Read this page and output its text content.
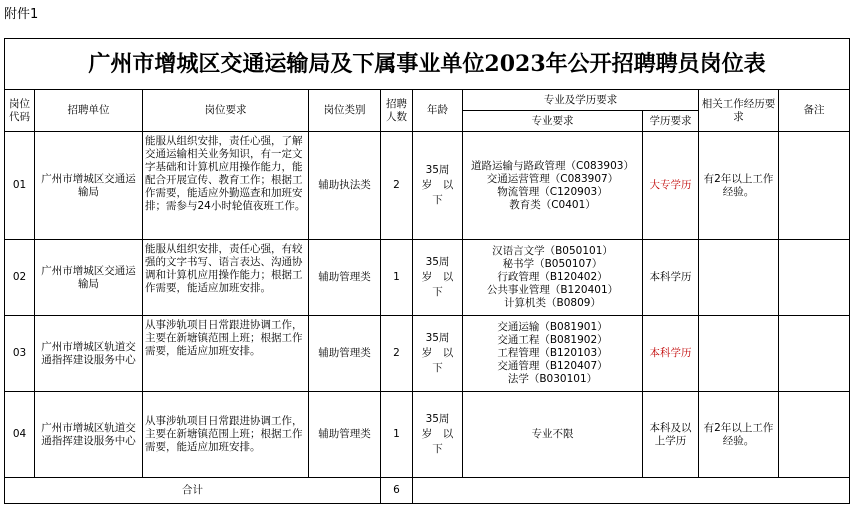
附件1
广州市增城区交通运输局及下属事业单位2023年公开招聘聘员岗位表									
岗位代码	招聘单位	岗位要求	岗位类别	招聘人数	年龄	专业及学历要求		相关工作经历要求	备注
						专业要求	学历要求		
01	广州市增城区交通运输局	能服从组织安排，责任心强，了解交通运输相关业务知识，有一定文字基础和计算机应用操作能力，能配合开展宣传、教育工作；根据工作需要，能适应外勤巡查和加班安排；需参与24小时轮值夜班工作。	辅助执法类	2	35周
岁　以
下	道路运输与路政管理（C083903）
交通运营管理（C083907）
物流管理（C120903）
教育类（C0401）	大专学历	有2年以上工作经验。	
02	广州市增城区交通运输局	能服从组织安排，责任心强，有较强的文字书写、语言表达、沟通协调和计算机应用操作能力；根据工作需要，能适应加班安排。	辅助管理类	1	35周
岁　以
下	汉语言文学（B050101）
秘书学（B050107）
行政管理（B120402）
公共事业管理（B120401）
计算机类（B0809）	本科学历		
03	广州市增城区轨道交通指挥建设服务中心	从事涉轨项目日常跟进协调工作，主要在新塘镇范围上班；根据工作需要，能适应加班安排。	辅助管理类	2	35周
岁　以
下	交通运输（B081901）
交通工程（B081902）
工程管理（B120103）
交通管理（B120407）
法学（B030101）	本科学历		
04	广州市增城区轨道交通指挥建设服务中心	从事涉轨项目日常跟进协调工作，主要在新塘镇范围上班；根据工作需要，能适应加班安排。	辅助管理类	1	35周
岁　以
下	专业不限	本科及以上学历	有2年以上工作经验。	
合计				6					
